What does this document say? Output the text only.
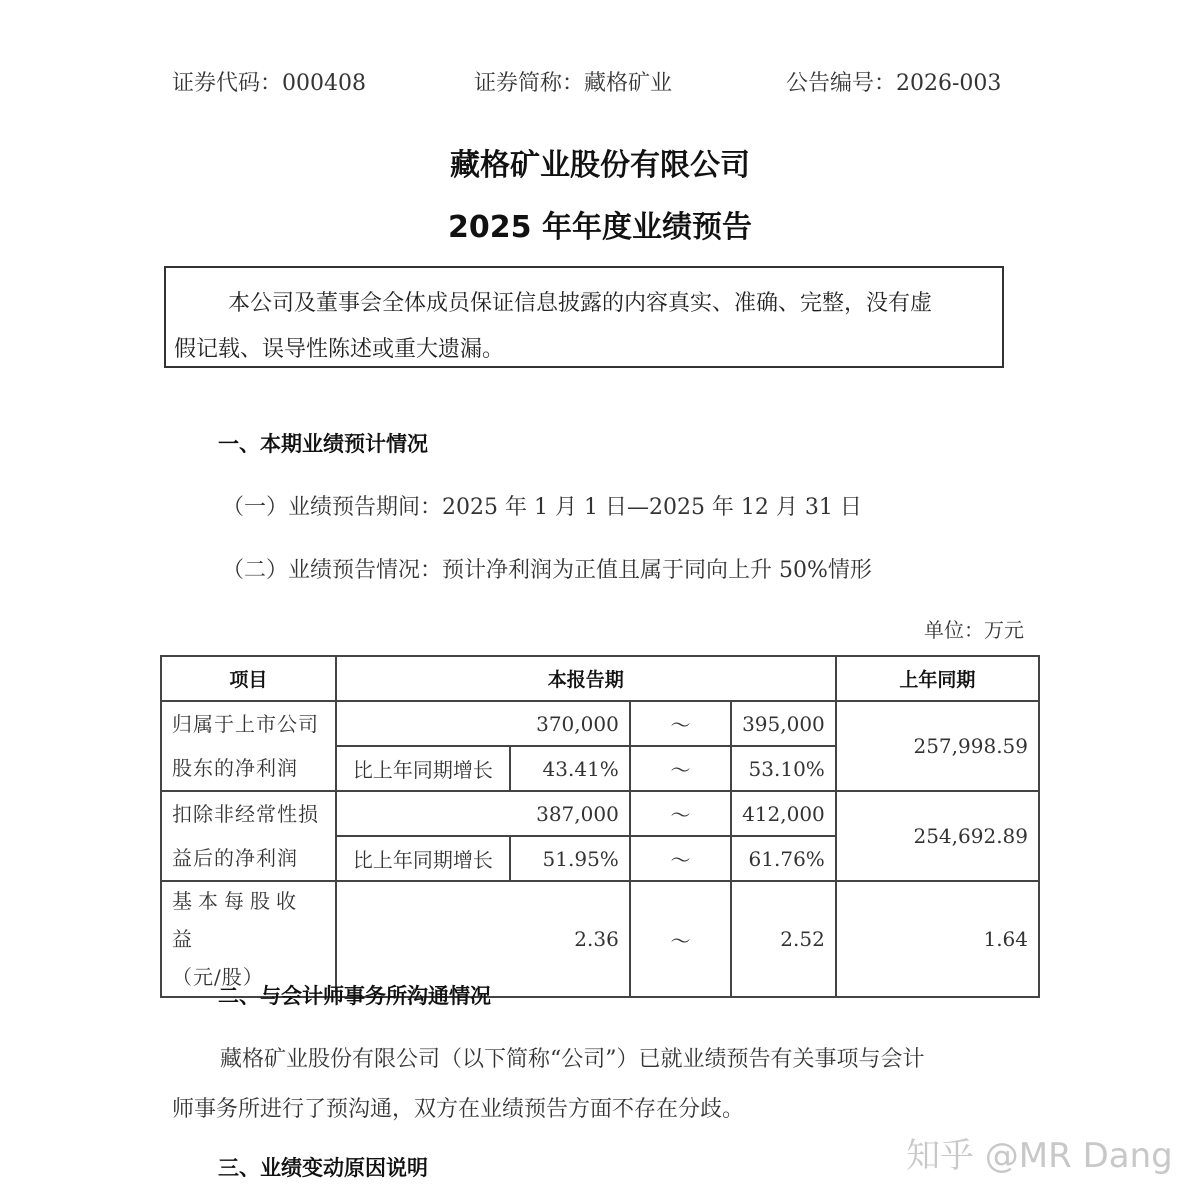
证券代码：000408	证券简称：藏格矿业	公告编号：2026-003
藏格矿业股份有限公司
2025 年年度业绩预告

本公司及董事会全体成员保证信息披露的内容真实、准确、完整，没有虚

假记载、误导性陈述或重大遗漏。

一、本期业绩预计情况
（一）业绩预告期间：2025 年 1 月 1 日—2025 年 12 月 31 日
（二）业绩预告情况：预计净利润为正值且属于同向上升 50%情形
单位：万元
项目	本报告期				上年同期

归属于上市公司
股东的净利润	370,000		～	395,000	257,998.59
	比上年同期增长	43.41%	～	53.10%	

扣除非经常性损
益后的净利润	387,000		～	412,000	254,692.89
	比上年同期增长	51.95%	～	61.76%	

基本每股收益
（元/股）	2.36		～	2.52	1.64
二、与会计师事务所沟通情况
藏格矿业股份有限公司（以下简称“公司”）已就业绩预告有关事项与会计
师事务所进行了预沟通，双方在业绩预告方面不存在分歧。
三、业绩变动原因说明	知乎 @MR Dang
